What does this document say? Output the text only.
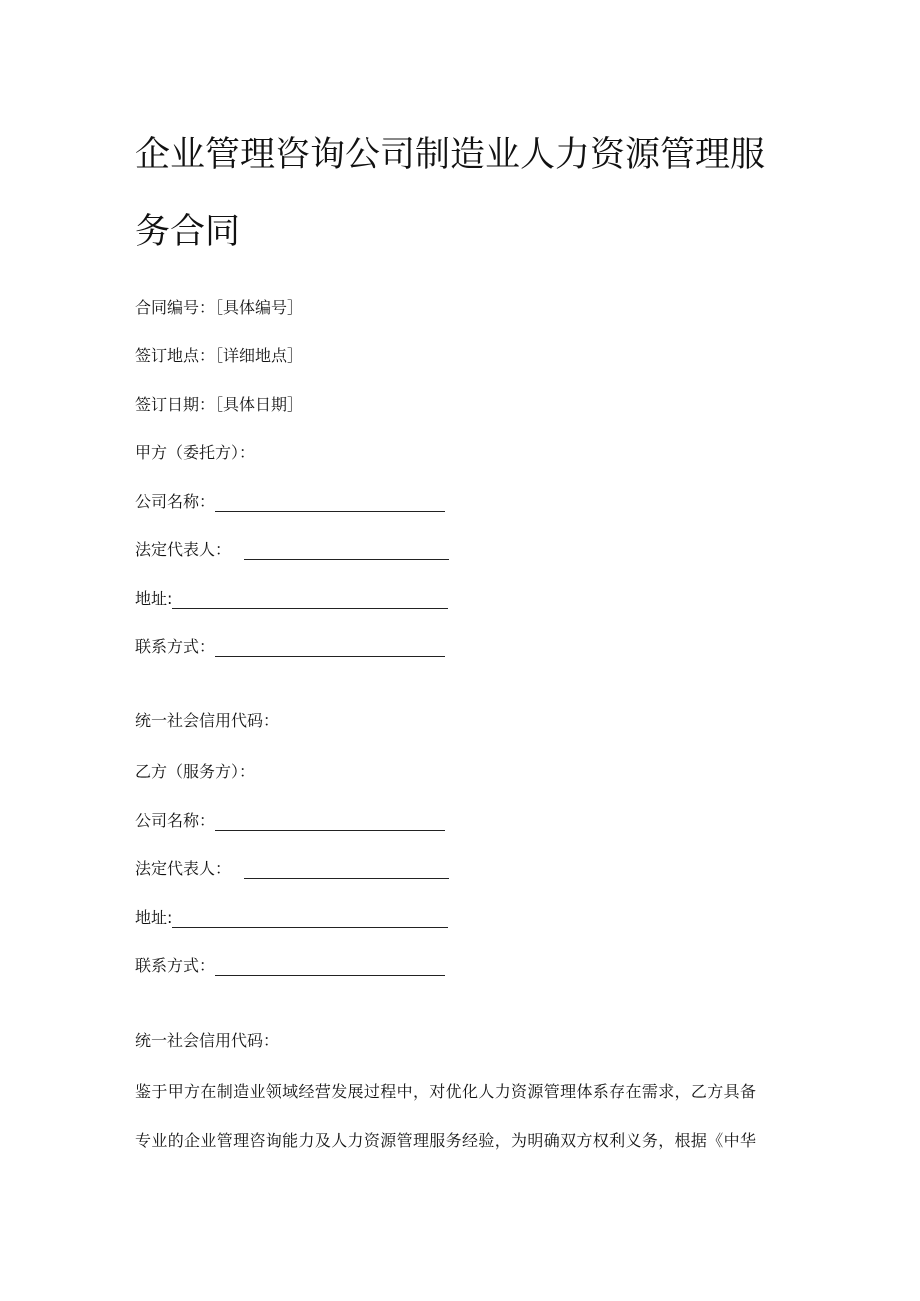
企业管理咨询公司制造业人力资源管理服
务合同
合同编号：［具体编号］
签订地点：［详细地点］
签订日期：［具体日期］
甲方（委托方）：
公司名称：
法定代表人：
地址:
联系方式：
统一社会信用代码：
乙方（服务方）：
公司名称：
法定代表人：
地址:
联系方式：
统一社会信用代码：
鉴于甲方在制造业领域经营发展过程中，对优化人力资源管理体系存在需求，乙方具备
专业的企业管理咨询能力及人力资源管理服务经验，为明确双方权利义务，根据《中华
